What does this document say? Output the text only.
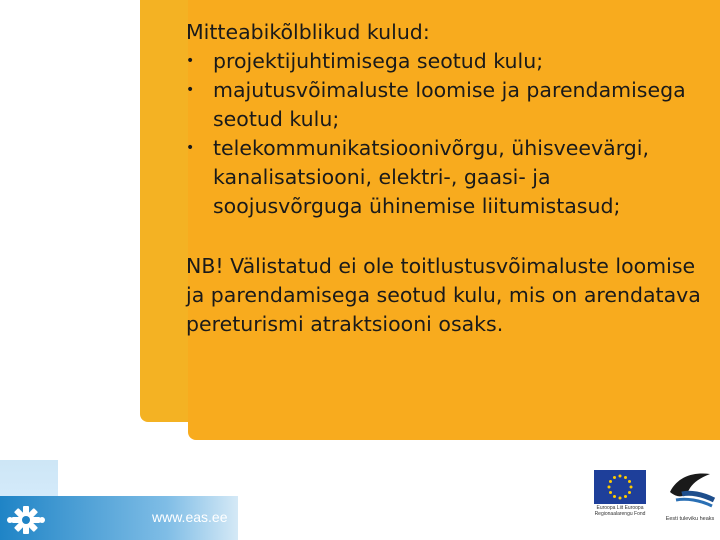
Mitteabikõlblikud kulud:

• projektijuhtimisega seotud kulu;
• majutusvõimaluste loomise ja parendamisega seotud kulu;
• telekommunikatsioonivõrgu, ühisveevärgi, kanalisatsiooni, elektri-, gaasi- ja soojusvõrguga ühinemise liitumistasud;

NB! Välistatud ei ole toitlustusvõimaluste loomise ja parendamisega seotud kulu, mis on arendatava pereturismi atraktsiooni osaks.

www.eas.ee
Euroopa Liit Euroopa Regionaalarengu Fond
Eesti tuleviku heaks
